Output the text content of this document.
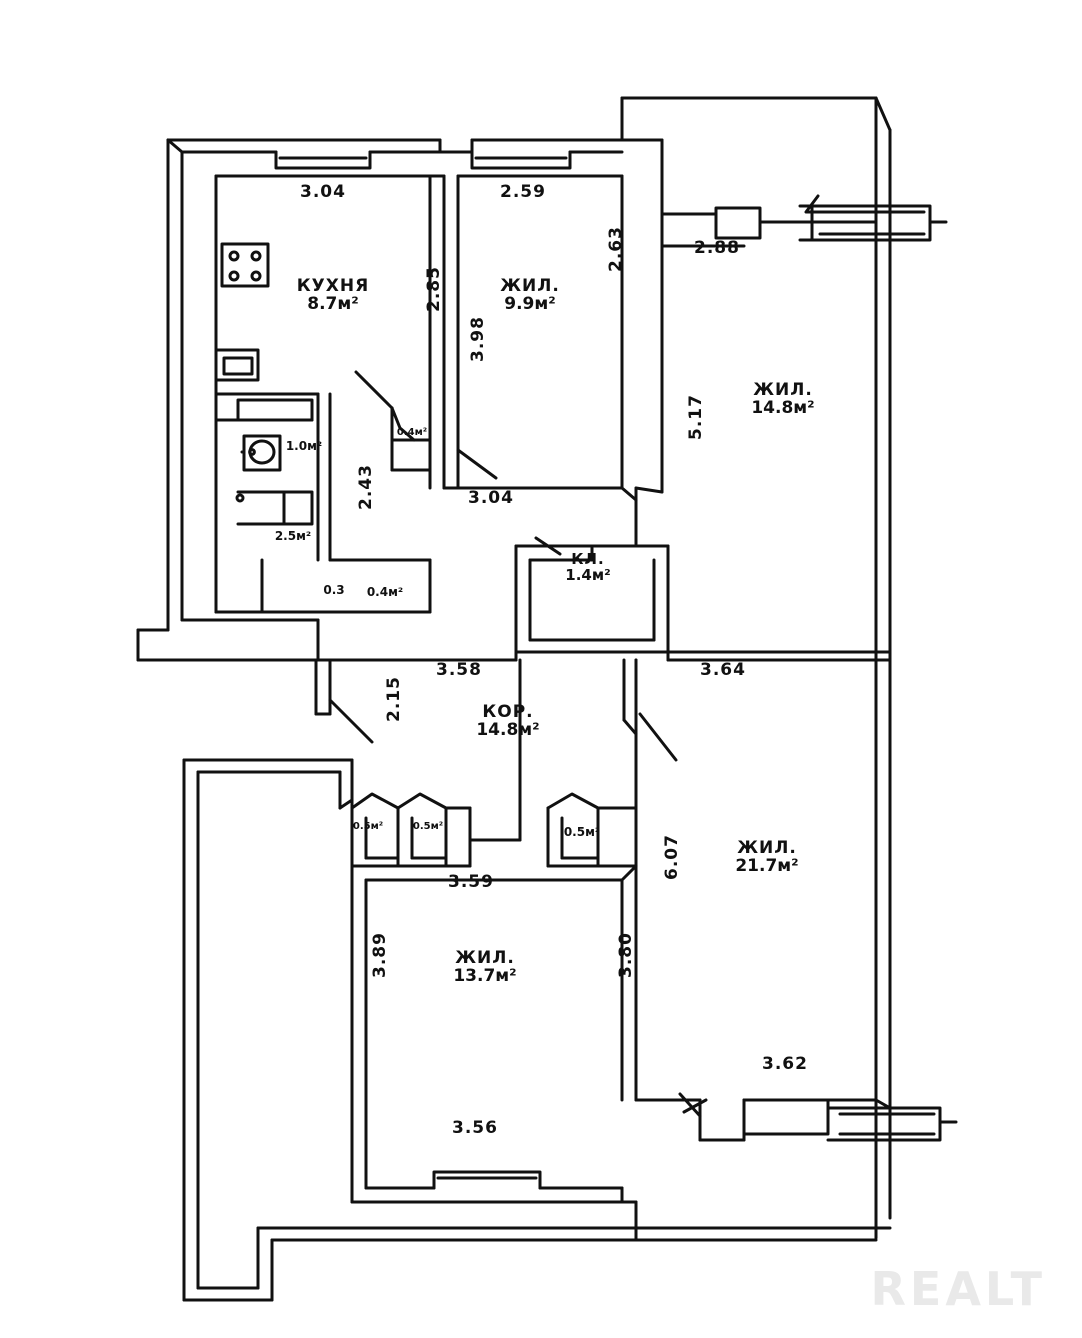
КУХНЯ
8.7м²
ЖИЛ.
9.9м²
ЖИЛ.
14.8м²
КЛ.
1.4м²
КОР.
14.8м²
ЖИЛ.
21.7м²
ЖИЛ.
13.7м²
1.0м²
2.5м²
0.4м²
0.3	0.4м²
0.5м²	0.5м²	0.5м²
3.04	2.59
2.88
3.04
3.58	3.64
3.59
3.56
3.62
2.85
3.98
2.63
5.17
2.43
2.15
6.07
3.89	3.80
REALT
